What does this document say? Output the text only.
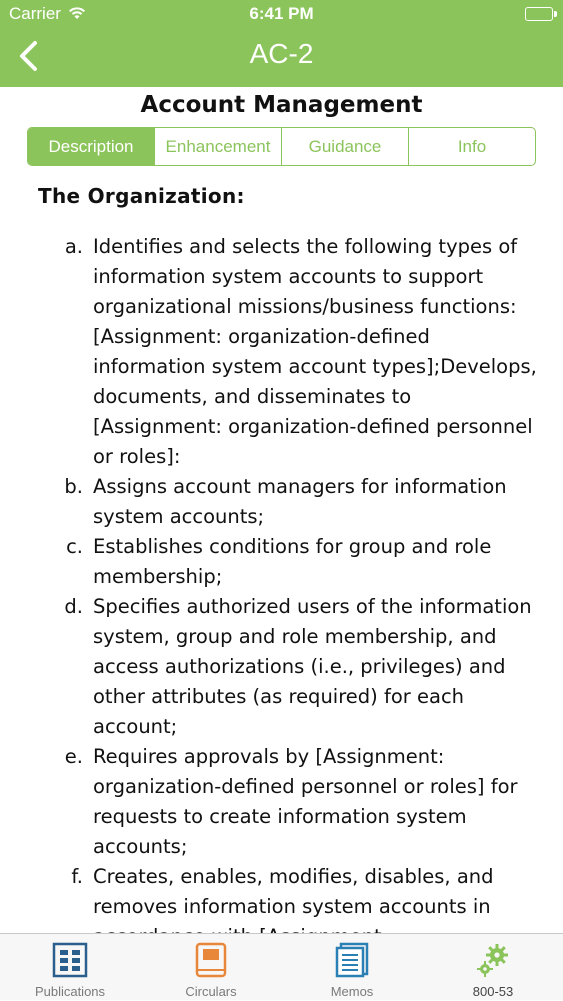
Carrier	6:41 PM
AC-2
Account Management
Description	Enhancement	Guidance	Info
The Organization:
a. Identifies and selects the following types of information system accounts to support organizational missions/business functions: [Assignment: organization-defined information system account types];Develops, documents, and disseminates to [Assignment: organization-defined personnel or roles]:
b. Assigns account managers for information system accounts;
c. Establishes conditions for group and role membership;
d. Specifies authorized users of the information system, group and role membership, and access authorizations (i.e., privileges) and other attributes (as required) for each account;
e. Requires approvals by [Assignment: organization-defined personnel or roles] for requests to create information system accounts;
f. Creates, enables, modifies, disables, and removes information system accounts in
Publications	Circulars	Memos	800-53
